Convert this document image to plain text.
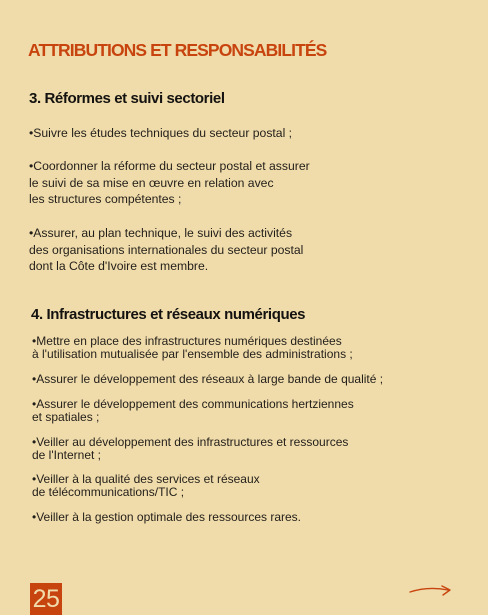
ATTRIBUTIONS ET RESPONSABILITÉS
3. Réformes et suivi sectoriel
•Suivre les études techniques du secteur postal ;
•Coordonner la réforme du secteur postal et assurer
le suivi de sa mise en œuvre en relation avec
les structures compétentes ;
•Assurer, au plan technique, le suivi des activités
des organisations internationales du secteur postal
dont la Côte d'Ivoire est membre.
4. Infrastructures et réseaux numériques
•Mettre en place des infrastructures numériques destinées
à l'utilisation mutualisée par l'ensemble des administrations ;
•Assurer le développement des réseaux à large bande de qualité ;
•Assurer le développement des communications hertziennes
et spatiales ;
•Veiller au développement des infrastructures et ressources
de l'Internet ;
•Veiller à la qualité des services et réseaux
de télécommunications/TIC ;
•Veiller à la gestion optimale des ressources rares.
25
